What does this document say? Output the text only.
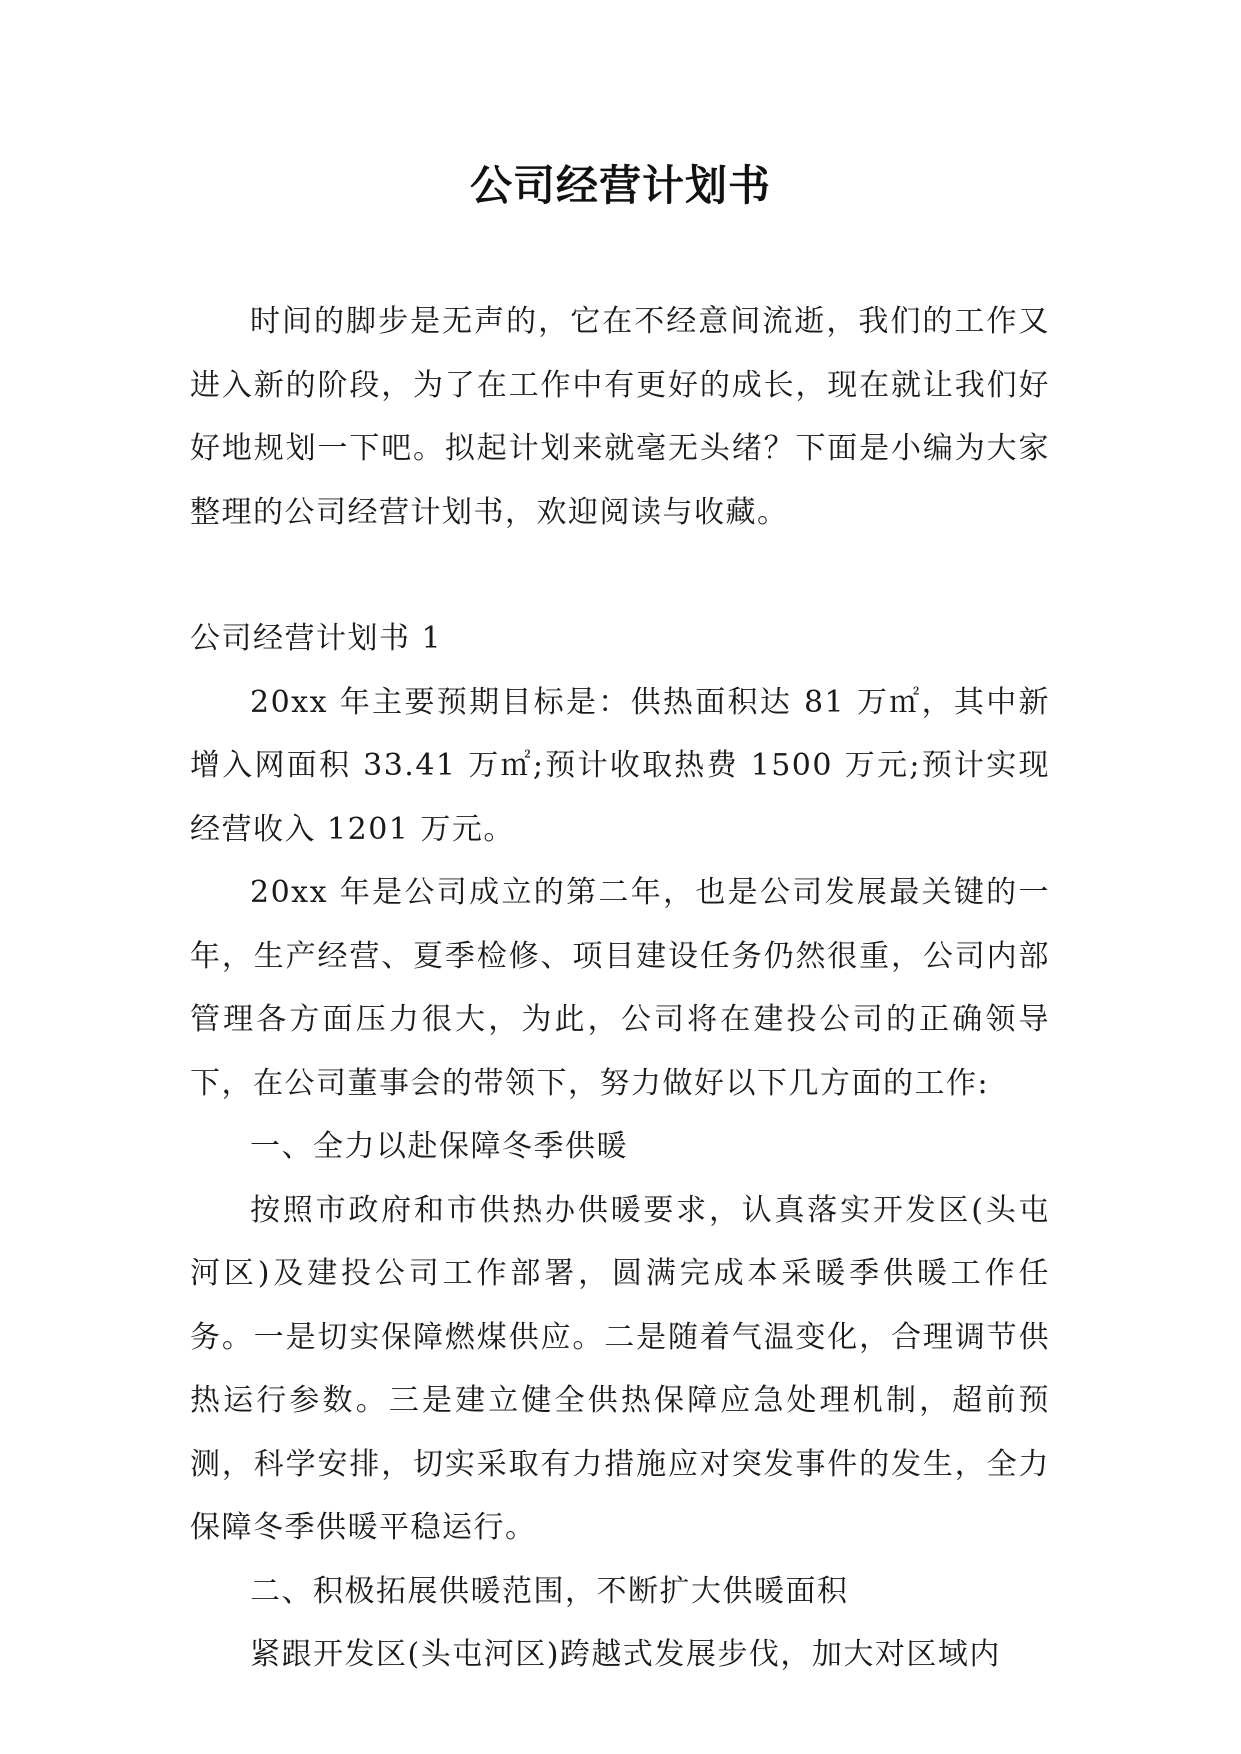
公司经营计划书

时间的脚步是无声的，它在不经意间流逝，我们的工作又进入新的阶段，为了在工作中有更好的成长，现在就让我们好好地规划一下吧。拟起计划来就毫无头绪？下面是小编为大家整理的公司经营计划书，欢迎阅读与收藏。

公司经营计划书 1

20xx 年主要预期目标是：供热面积达 81 万㎡，其中新增入网面积 33.41 万㎡;预计收取热费 1500 万元;预计实现经营收入 1201 万元。

20xx 年是公司成立的第二年，也是公司发展最关键的一年，生产经营、夏季检修、项目建设任务仍然很重，公司内部管理各方面压力很大，为此，公司将在建投公司的正确领导下，在公司董事会的带领下，努力做好以下几方面的工作:

一、全力以赴保障冬季供暖

按照市政府和市供热办供暖要求，认真落实开发区(头屯河区)及建投公司工作部署，圆满完成本采暖季供暖工作任务。一是切实保障燃煤供应。二是随着气温变化，合理调节供热运行参数。三是建立健全供热保障应急处理机制，超前预测，科学安排，切实采取有力措施应对突发事件的发生，全力保障冬季供暖平稳运行。

二、积极拓展供暖范围，不断扩大供暖面积

紧跟开发区(头屯河区)跨越式发展步伐，加大对区域内
